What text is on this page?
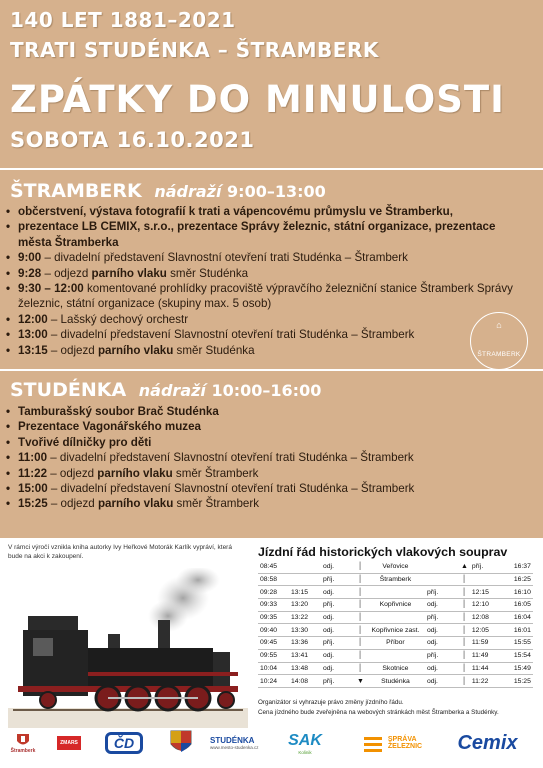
140 LET 1881–2021
TRATI STUDÉNKA – ŠTRAMBERK
ZPÁTKY DO MINULOSTI
SOBOTA 16.10.2021
ŠTRAMBERK nádraží 9:00–13:00
• občerstvení, výstava fotografií k trati a vápencovému průmyslu ve Štramberku,
• prezentace LB CEMIX, s.r.o., prezentace Správy železnic, státní organizace, prezentace města Štramberka
• 9:00 – divadelní představení Slavnostní otevření trati Studénka – Štramberk
• 9:28 – odjezd parního vlaku směr Studénka
• 9:30 – 12:00 komentované prohlídky pracoviště výpravčího železniční stanice Štramberk Správy železnic, státní organizace (skupiny max. 5 osob)
• 12:00 – Lašský dechový orchestr
• 13:00 – divadelní představení Slavnostní otevření trati Studénka – Štramberk
• 13:15 – odjezd parního vlaku směr Studénka
⌂
ŠTRAMBERK
STUDÉNKA nádraží 10:00–16:00
• Tamburašský soubor Brač Studénka
• Prezentace Vagonářského muzea
• Tvořivé dílničky pro děti
• 11:00 – divadelní představení Slavnostní otevření trati Studénka – Štramberk
• 11:22 – odjezd parního vlaku směr Štramberk
• 15:00 – divadelní představení Slavnostní otevření trati Studénka – Štramberk
• 15:25 – odjezd parního vlaku směr Štramberk
V rámci výročí vznikla kniha autorky Ivy Heřkové Motorák Karlík vypráví, která bude na akci k zakoupení.	Jízdní řád historických vlakových souprav
08:45		odj.	│	Veřovice		▲	příj.	16:37
08:58		příj.	│	Štramberk		│		16:25
09:28	13:15	odj.	│		příj.	│	12:15	16:10
09:33	13:20	příj.	│	Kopřivnice	odj.	│	12:10	16:05
09:35	13:22	odj.	│		příj.	│	12:08	16:04
09:40	13:30	odj.	│	Kopřivnice zast.	odj.	│	12:05	16:01
09:45	13:36	příj.	│	Příbor	odj.	│	11:59	15:55
09:55	13:41	odj.	│		příj.	│	11:49	15:54
10:04	13:48	odj.	│	Skotnice	odj.	│	11:44	15:49
10:24	14:08	příj.	▼	Studénka	odj.	│	11:22	15:25
Organizátor si vyhrazuje právo změny jízdního řádu.
Cena jízdného bude zveřejněna na webových stránkách měst Štramberka a Studénky.
Štramberk
ZMARS	ČD	STUDÉNKA
www.mesto-studenka.cz SAK
Kolinik
SPRÁVA
ŽELEZNIC Cemix
